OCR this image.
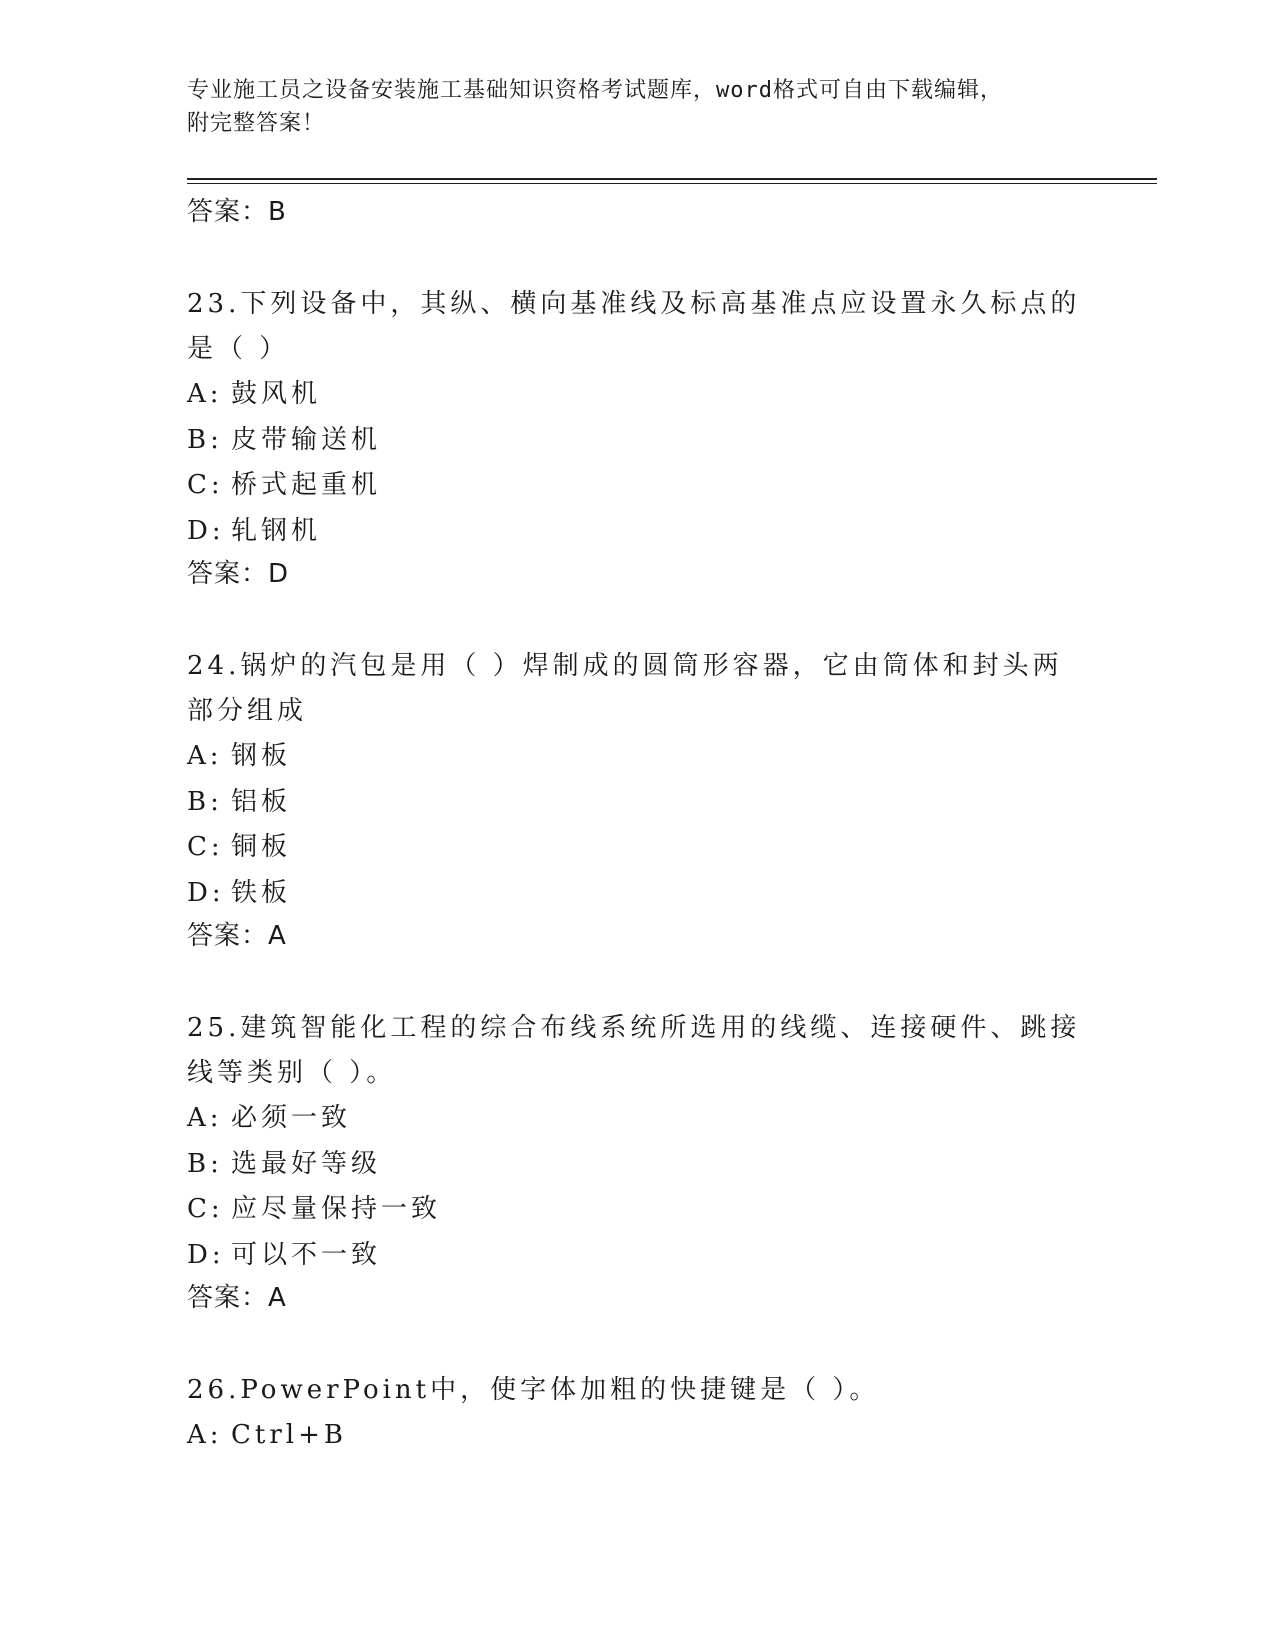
专业施工员之设备安装施工基础知识资格考试题库，word格式可自由下载编辑，
附完整答案！
答案：B

23.下列设备中，其纵、横向基准线及标高基准点应设置永久标点的是（ ）

A: 鼓风机
B: 皮带输送机
C: 桥式起重机
D: 轧钢机
答案：D

24.锅炉的汽包是用（ ）焊制成的圆筒形容器，它由筒体和封头两部分组成

A: 钢板
B: 铝板
C: 铜板
D: 铁板
答案：A

25.建筑智能化工程的综合布线系统所选用的线缆、连接硬件、跳接线等类别（ ）。

A: 必须一致
B: 选最好等级
C: 应尽量保持一致
D: 可以不一致
答案：A

26.PowerPoint中，使字体加粗的快捷键是（ ）。

A: Ctrl+B
